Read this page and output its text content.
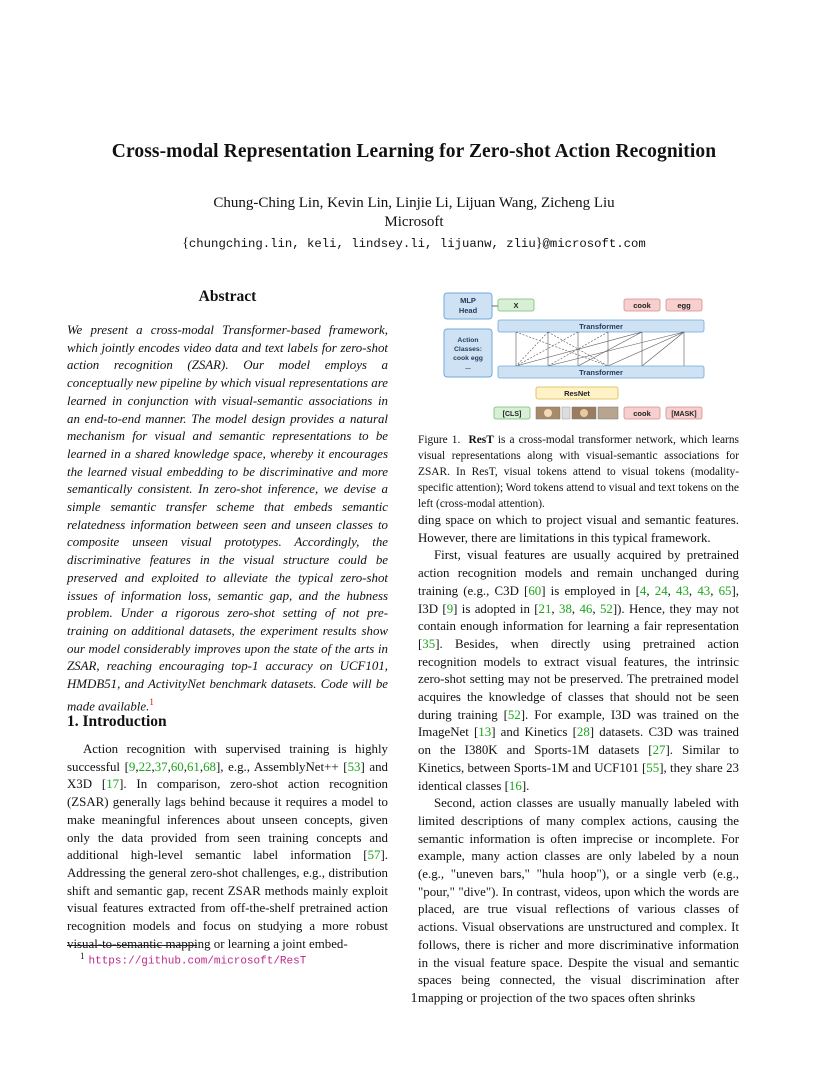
Cross-modal Representation Learning for Zero-shot Action Recognition
Chung-Ching Lin, Kevin Lin, Linjie Li, Lijuan Wang, Zicheng Liu
Microsoft
{chungching.lin, keli, lindsey.li, lijuanw, zliu}@microsoft.com
Abstract
We present a cross-modal Transformer-based framework, which jointly encodes video data and text labels for zero-shot action recognition (ZSAR). Our model employs a conceptually new pipeline by which visual representations are learned in conjunction with visual-semantic associations in an end-to-end manner. The model design provides a natural mechanism for visual and semantic representations to be learned in a shared knowledge space, whereby it encourages the learned visual embedding to be discriminative and more semantically consistent. In zero-shot inference, we devise a simple semantic transfer scheme that embeds semantic relatedness information between seen and unseen classes to composite unseen visual prototypes. Accordingly, the discriminative features in the visual structure could be preserved and exploited to alleviate the typical zero-shot issues of information loss, semantic gap, and the hubness problem. Under a rigorous zero-shot setting of not pre-training on additional datasets, the experiment results show our model considerably improves upon the state of the arts in ZSAR, reaching encouraging top-1 accuracy on UCF101, HMDB51, and ActivityNet benchmark datasets. Code will be made available.$^1$
1. Introduction
Action recognition with supervised training is highly successful [9,22,37,60,61,68], e.g., AssemblyNet++ [53] and X3D [17]. In comparison, zero-shot action recognition (ZSAR) generally lags behind because it requires a model to make meaningful inferences about unseen concepts, given only the data provided from seen training concepts and additional high-level semantic label information [57]. Addressing the general zero-shot challenges, e.g., distribution shift and semantic gap, recent ZSAR methods mainly exploit visual features extracted from off-the-shelf pretrained action recognition models and focus on studying a more robust visual-to-semantic mapping or learning a joint embed-
$^1$ https://github.com/microsoft/ResT
MLP
Head
X	cook	egg
Transformer
Action
Classes:
cook egg
...
Transformer
ResNet
[CLS]	cook	[MASK]
Figure 1. ResT is a cross-modal transformer network, which learns visual representations along with visual-semantic associations for ZSAR. In ResT, visual tokens attend to visual tokens (modality-specific attention); Word tokens attend to visual and text tokens on the left (cross-modal attention).
ding space on which to project visual and semantic features. However, there are limitations in this typical framework.
First, visual features are usually acquired by pretrained action recognition models and remain unchanged during training (e.g., C3D [60] is employed in [4, 24, 43, 43, 65], I3D [9] is adopted in [21, 38, 46, 52]). Hence, they may not contain enough information for learning a fair representation [35]. Besides, when directly using pretrained action recognition models to extract visual features, the intrinsic zero-shot setting may not be preserved. The pretrained model acquires the knowledge of classes that should not be seen during training [52]. For example, I3D was trained on the ImageNet [13] and Kinetics [28] datasets. C3D was trained on the I380K and Sports-1M datasets [27]. Similar to Kinetics, between Sports-1M and UCF101 [55], they share 23 identical classes [16].
Second, action classes are usually manually labeled with limited descriptions of many complex actions, causing the semantic information is often imprecise or incomplete. For example, many action classes are only labeled by a noun (e.g., "uneven bars," "hula hoop"), or a single verb (e.g., "pour," "dive"). In contrast, videos, upon which the words are placed, are true visual reflections of various classes of actions. Visual observations are unstructured and complex. It follows, there is richer and more discriminative information in the visual feature space. Despite the visual and semantic spaces being connected, the visual discrimination after mapping or projection of the two spaces often shrinks
1
